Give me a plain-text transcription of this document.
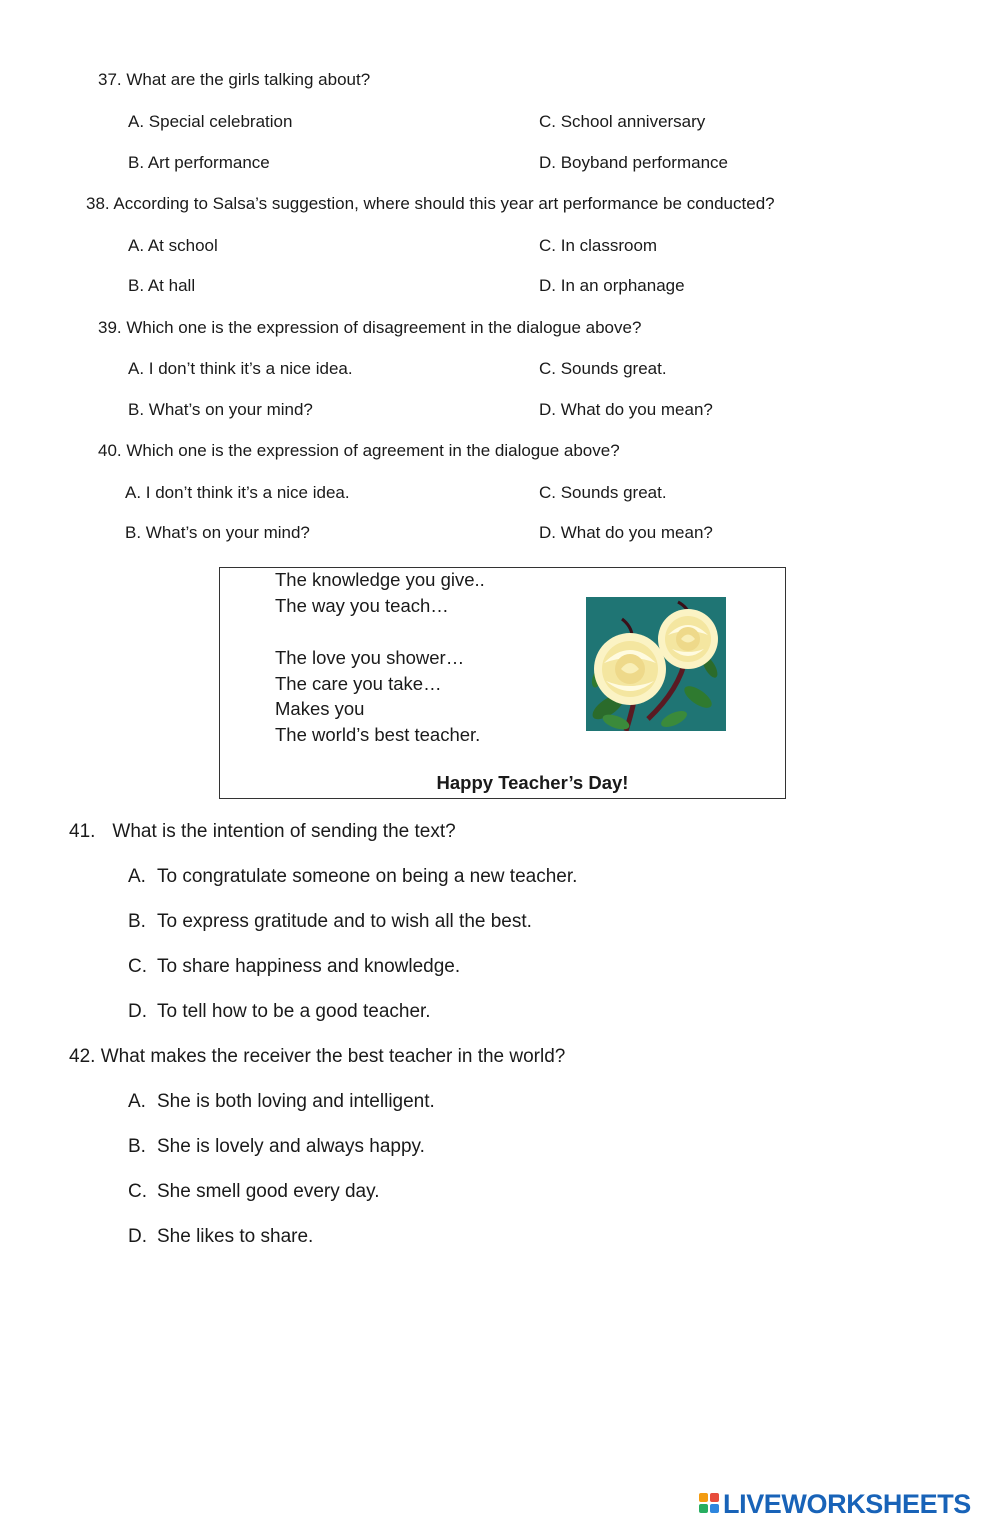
37. What are the girls talking about?
A. Special celebration	C. School anniversary
B. Art performance	D. Boyband performance
38. According to Salsa’s suggestion, where should this year art performance be conducted?
A. At school	C. In classroom
B. At hall	D. In an orphanage
39. Which one is the expression of disagreement in the dialogue above?
A. I don’t think it’s a nice idea.	C. Sounds great.
B. What’s on your mind?	D. What do you mean?
40. Which one is the expression of agreement in the dialogue above?
A. I don’t think it’s a nice idea.	C. Sounds great.
B. What’s on your mind?	D. What do you mean?
The knowledge you give..
The way you teach…
The love you shower…
The care you take…
Makes you
The world’s best teacher.
Happy Teacher’s Day!
41. What is the intention of sending the text?
A. To congratulate someone on being a new teacher.
B. To express gratitude and to wish all the best.
C. To share happiness and knowledge.
D. To tell how to be a good teacher.
42. What makes the receiver the best teacher in the world?
A. She is both loving and intelligent.
B. She is lovely and always happy.
C. She smell good every day.
D. She likes to share.
LIVEWORKSHEETS
